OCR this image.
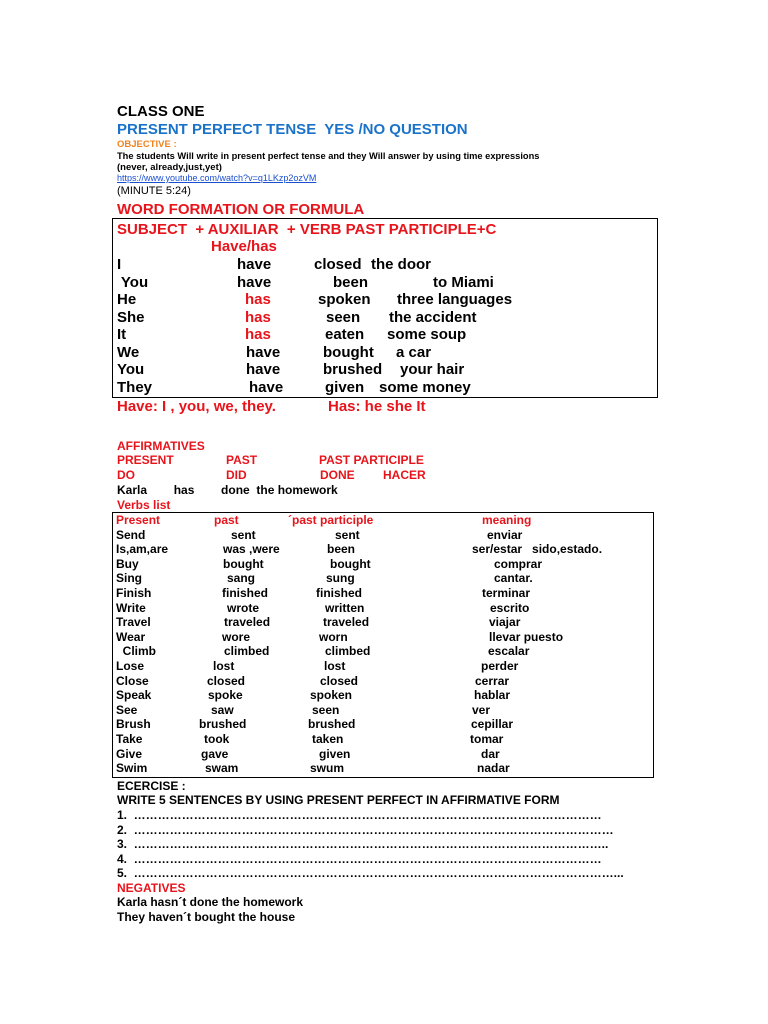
CLASS ONE
PRESENT PERFECT TENSE  YES /NO QUESTION
OBJECTIVE :
The students Will write in present perfect tense and they Will answer by using time expressions
(never, already,just,yet)
https://www.youtube.com/watch?v=q1LKzp2ozVM
(MINUTE 5:24)
WORD FORMATION OR FORMULA
SUBJECT  + AUXILIAR  + VERB PAST PARTICIPLE+C
Have/has
I	have	closed the door
You	have	been	to Miami
He	has	spoken three languages
She	has	seen the accident
It	has	eaten some soup
We	have	bought a car
You	have	brushed your hair
They	have	given some money
Have: I , you, we, they.	Has: he she It
AFFIRMATIVES
PRESENT	PAST	PAST PARTICIPLE
DO	DID	DONE HACER
Karla        has        done  the homework
Verbs list
Present	past	´past participle	meaning
Send	sent	sent	enviar
Is,am,are	was ,were	been	ser/estar   sido,estado.
Buy	bought	bought	comprar
Sing	sang	sung	cantar.
Finish	finished	finished	terminar
Write	wrote	written	escrito
Travel	traveled	traveled	viajar
Wear	wore	worn	llevar puesto
Climb	climbed	climbed	escalar
Lose	lost	lost	perder
Close	closed	closed	cerrar
Speak	spoke	spoken	hablar
See	saw	seen	ver
Brush	brushed	brushed	cepillar
Take	took	taken	tomar
Give	gave	given	dar
Swim	swam	swum	nadar
ECERCISE :
WRITE 5 SENTENCES BY USING PRESENT PERFECT IN AFFIRMATIVE FORM
1.  ………………………………………………………………………………………………………
2.  …………………………………………………………………………………………………………
3.  ………………………………………………………………………………………………………..
4.  ………………………………………………………………………………………………………
5.  …………………………………………………………………………………………………………...
NEGATIVES
Karla hasn´t done the homework
They haven´t bought the house
